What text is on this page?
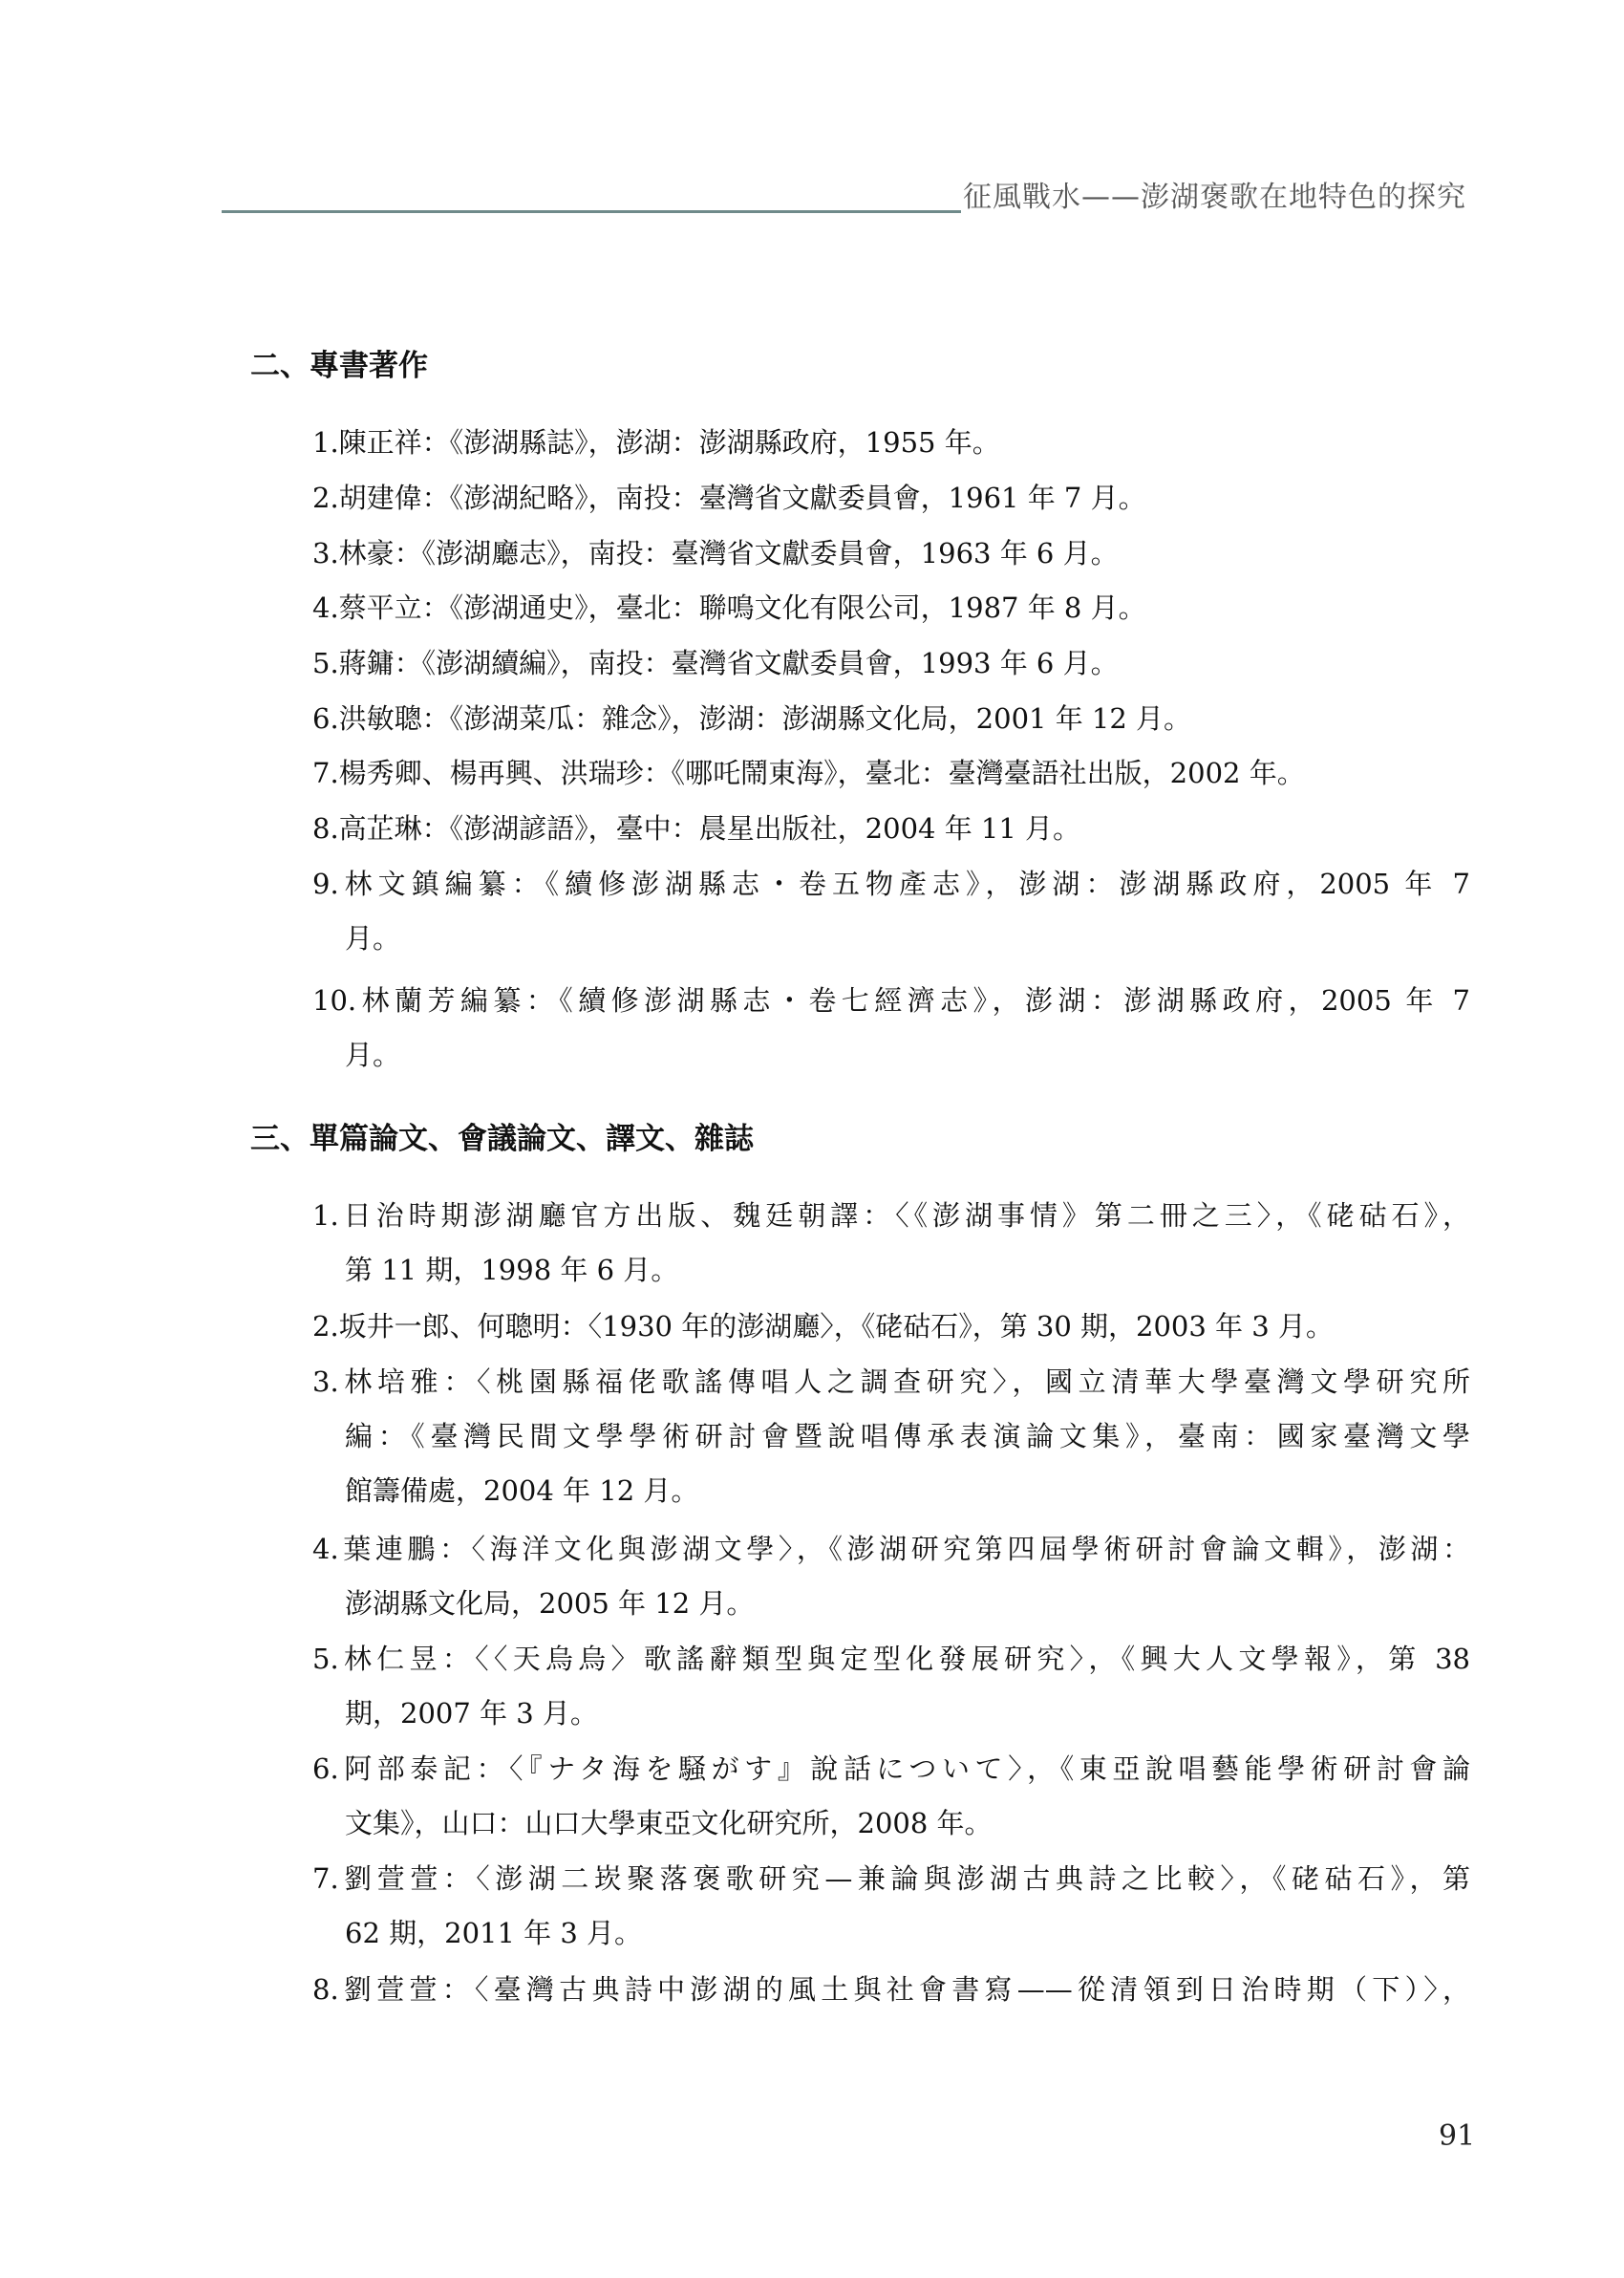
征風戰水——澎湖褒歌在地特色的探究
二、專書著作
1.陳正祥：《澎湖縣誌》，澎湖：澎湖縣政府，1955 年。
2.胡建偉：《澎湖紀略》，南投：臺灣省文獻委員會，1961 年 7 月。
3.林豪：《澎湖廳志》，南投：臺灣省文獻委員會，1963 年 6 月。
4.蔡平立：《澎湖通史》，臺北：聯鳴文化有限公司，1987 年 8 月。
5.蔣鏞：《澎湖續編》，南投：臺灣省文獻委員會，1993 年 6 月。
6.洪敏聰：《澎湖菜瓜：雜念》，澎湖：澎湖縣文化局，2001 年 12 月。
7.楊秀卿、楊再興、洪瑞珍：《哪吒鬧東海》，臺北：臺灣臺語社出版，2002 年。
8.高芷琳：《澎湖諺語》，臺中：晨星出版社，2004 年 11 月。
9.林文鎮編纂：《續修澎湖縣志・卷五物產志》，澎湖：澎湖縣政府，2005 年 7
月。
10.林蘭芳編纂：《續修澎湖縣志・卷七經濟志》，澎湖：澎湖縣政府，2005 年 7
月。
三、單篇論文、會議論文、譯文、雜誌
1.日治時期澎湖廳官方出版、魏廷朝譯：〈《澎湖事情》第二冊之三〉，《硓𥑮石》，
第 11 期，1998 年 6 月。
2.坂井一郎、何聰明：〈1930 年的澎湖廳〉，《硓𥑮石》，第 30 期，2003 年 3 月。
3.林培雅：〈桃園縣福佬歌謠傳唱人之調查研究〉，國立清華大學臺灣文學研究所
編：《臺灣民間文學學術研討會暨說唱傳承表演論文集》，臺南：國家臺灣文學
館籌備處，2004 年 12 月。
4.葉連鵬：〈海洋文化與澎湖文學〉，《澎湖研究第四屆學術研討會論文輯》，澎湖：
澎湖縣文化局，2005 年 12 月。
5.林仁昱：〈〈天烏烏〉歌謠辭類型與定型化發展研究〉，《興大人文學報》，第 38
期，2007 年 3 月。
6.阿部泰記：〈『ナタ海を騒がす』說話について〉，《東亞說唱藝能學術研討會論
文集》，山口：山口大學東亞文化研究所，2008 年。
7.劉萱萱：〈澎湖二崁聚落褒歌研究—兼論與澎湖古典詩之比較〉，《硓𥑮石》，第
62 期，2011 年 3 月。
8.劉萱萱：〈臺灣古典詩中澎湖的風土與社會書寫——從清領到日治時期（下）〉，
91
